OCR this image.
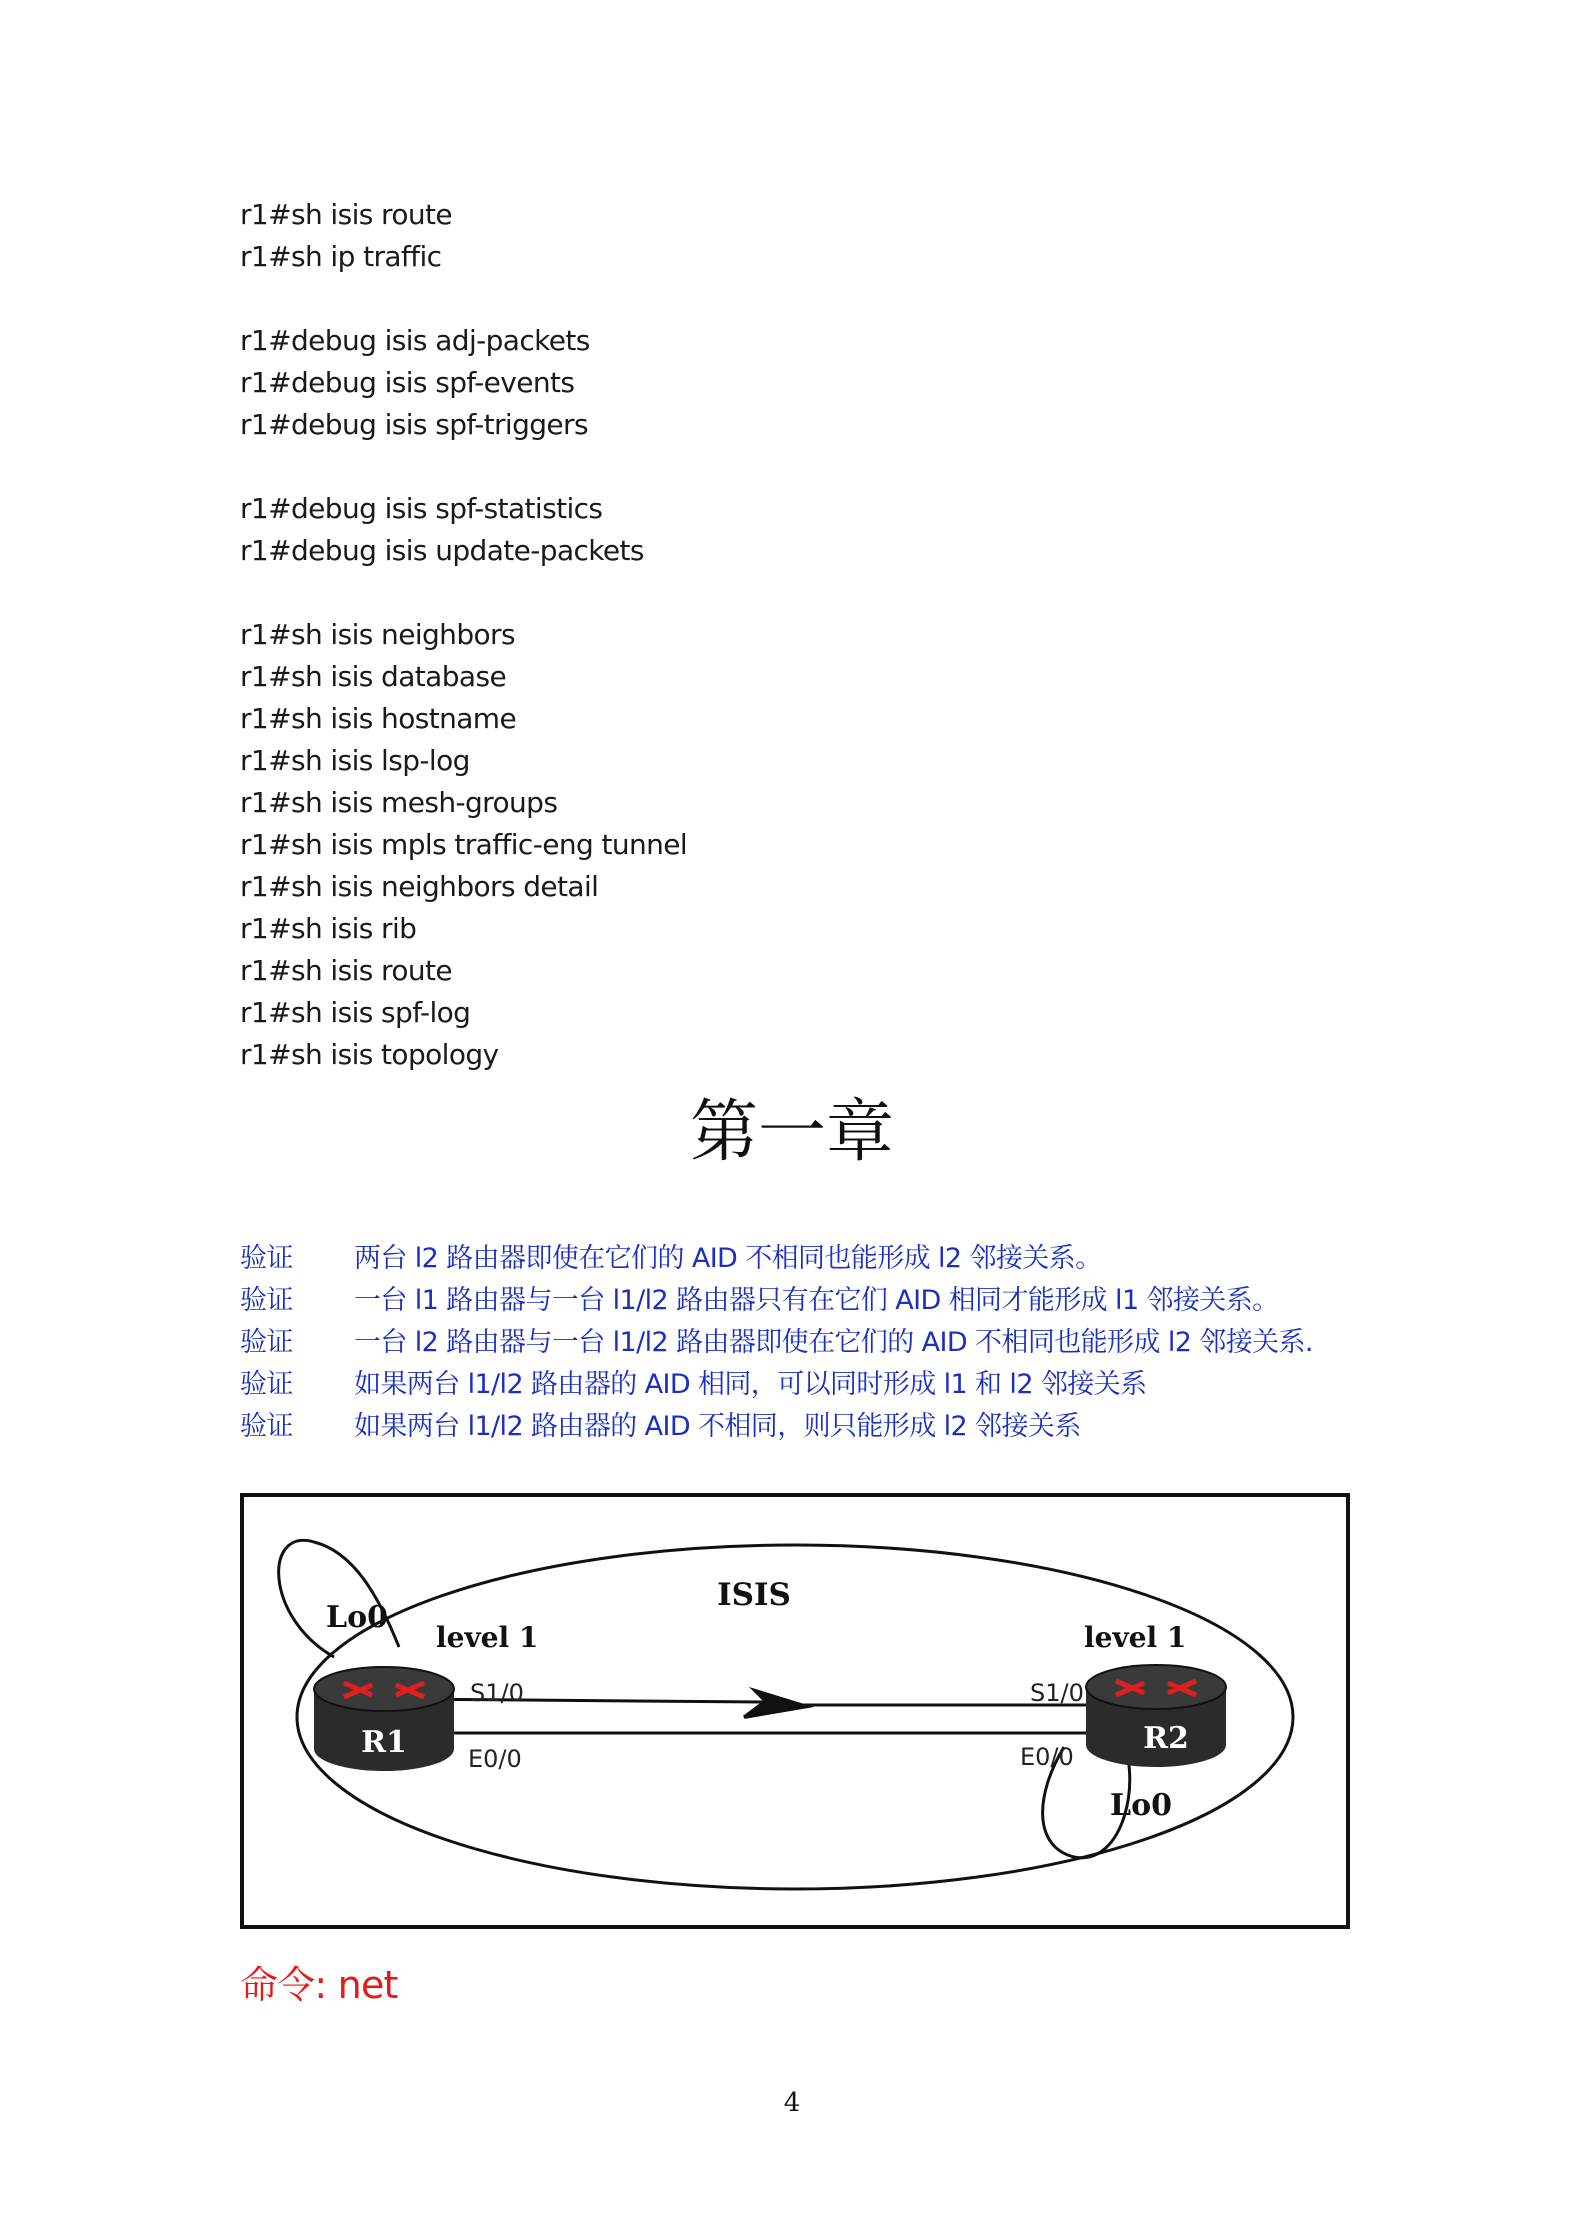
r1#sh isis route
r1#sh ip traffic
r1#debug isis adj-packets
r1#debug isis spf-events
r1#debug isis spf-triggers
r1#debug isis spf-statistics
r1#debug isis update-packets
r1#sh isis neighbors
r1#sh isis database
r1#sh isis hostname
r1#sh isis lsp-log
r1#sh isis mesh-groups
r1#sh isis mpls traffic-eng tunnel
r1#sh isis neighbors detail
r1#sh isis rib
r1#sh isis route
r1#sh isis spf-log
r1#sh isis topology
第一章
验证 两台 l2 路由器即使在它们的 AID 不相同也能形成 l2 邻接关系。
验证 一台 l1 路由器与一台 l1/l2 路由器只有在它们 AID 相同才能形成 l1 邻接关系。
验证 一台 l2 路由器与一台 l1/l2 路由器即使在它们的 AID 不相同也能形成 l2 邻接关系.
验证 如果两台 l1/l2 路由器的 AID 相同，可以同时形成 l1 和 l2 邻接关系
验证 如果两台 l1/l2 路由器的 AID 不相同，则只能形成 l2 邻接关系
R1	R2
ISIS
Lo0
level 1	level 1
S1/0
E0/0
S1/0
E0/0
Lo0
命令: net
4
